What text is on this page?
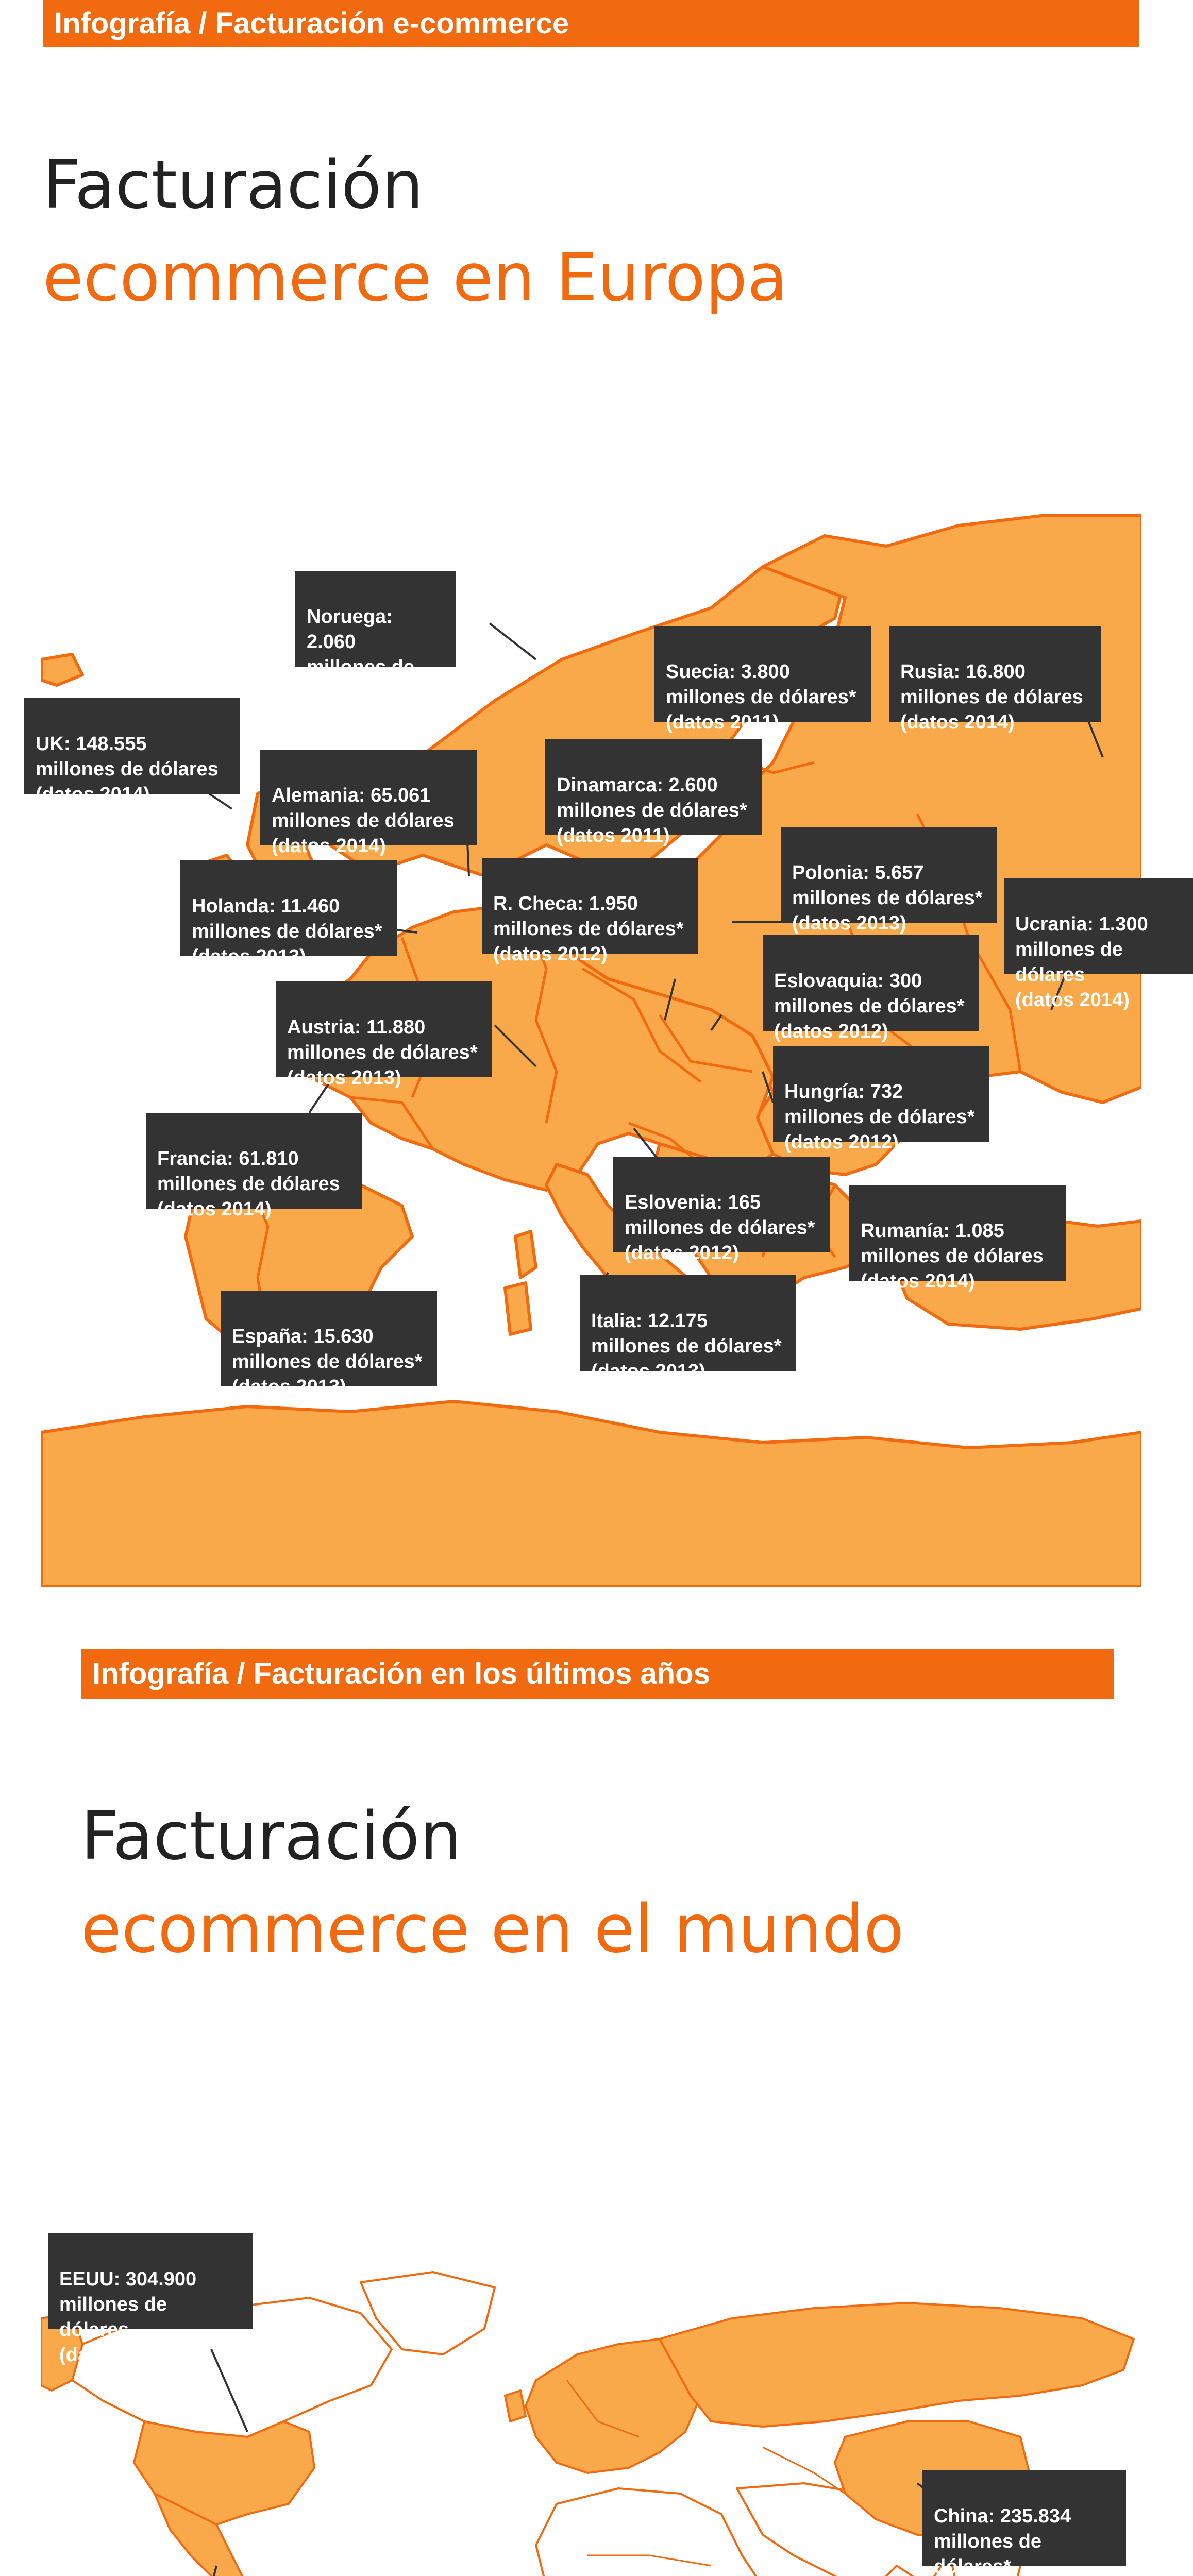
Infografía / Facturación e-commerce
Facturación
ecommerce en Europa

Noruega: 2.060
millones de dólares*
(datos 2011)

Suecia: 3.800
millones de dólares*
(datos 2011)

Rusia: 16.800
millones de dólares
(datos 2014)

UK: 148.555
millones de dólares
(datos 2014)	Alemania: 65.061
millones de dólares
(datos 2014)

Dinamarca: 2.600
millones de dólares*
(datos 2011)

Holanda: 11.460
millones de dólares*
(datos 2013)

R. Checa: 1.950
millones de dólares*
(datos 2012)

Polonia: 5.657
millones de dólares*
(datos 2013)	Ucrania: 1.300
millones de dólares
(datos 2014)

Austria: 11.880
millones de dólares*
(datos 2013)

Eslovaquia: 300
millones de dólares*
(datos 2012)

Hungría: 732
millones de dólares*
(datos 2012)

Francia: 61.810
millones de dólares
(datos 2014)	Eslovenia: 165
millones de dólares*
(datos 2012)

Rumanía: 1.085
millones de dólares
(datos 2014)

España: 15.630
millones de dólares*
(datos 2013)

Italia: 12.175
millones de dólares*
(datos 2013)

Infografía / Facturación en los últimos años
Facturación
ecommerce en el mundo

EEUU: 304.900
millones de dólares
(datos 2014)

China: 235.834
millones de dólares*
